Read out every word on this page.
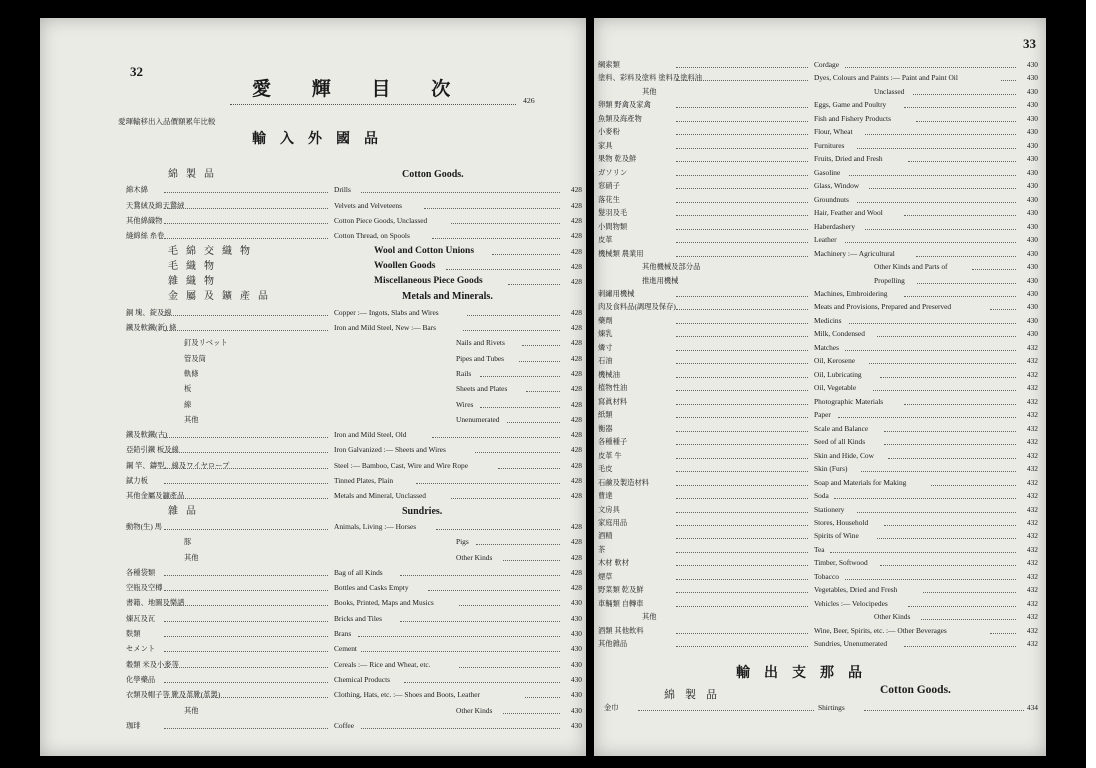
32
愛 輝 目 次
愛琿輸移出入品價額累年比較
426
輸入外國品
綿製品	Cotton Goods.
綿木綿	Drills	428
天鵞絨及綿天鵞絨	Velvets and Velveteens	428
其他綿織物	Cotton Piece Goods, Unclassed	428
縫綿絲 糸卷	Cotton Thread, on Spools	428
毛綿交織物	Wool and Cotton Unions	428
毛織物	Woollen Goods	428
雜織物	Miscellaneous Piece Goods	428
金屬及鑛產品	Metals and Minerals.
銅 塊、錠及線	Copper :— Ingots, Slabs and Wires	428
鐵及軟鐵(新) 條	Iron and Mild Steel, New :— Bars	428
釘及リベット	Nails and Rivets	428
管及筒	Pipes and Tubes	428
軌條	Rails	428
板	Sheets and Plates	428
線	Wires	428
其他	Unenumerated	428
鐵及軟鐵(古)	Iron and Mild Steel, Old	428
亞鉛引鐵 板及線	Iron Galvanized :— Sheets and Wires	428
鋼 竿、鑄型、線及ワイヤロープ	Steel :— Bamboo, Cast, Wire and Wire Rope	428
錻力板	Tinned Plates, Plain	428
其他金屬及鑛產品	Metals and Mineral, Unclassed	428
雜品	Sundries.
動物(生) 馬	Animals, Living :— Horses	428
豚	Pigs	428
其他	Other Kinds	428
各種袋類	Bag of all Kinds	428
空瓶及空樽	Bottles and Casks Empty	428
書籍、地圖及樂譜	Books, Printed, Maps and Musics	430
煉瓦及瓦	Bricks and Tiles	430
麩類	Brans	430
セメント	Cement	430
穀類 米及小麥等	Cereals :— Rice and Wheat, etc.	430
化學藥品	Chemical Products	430
衣類及帽子等 靴及革靴(革製)	Clothing, Hats, etc. :— Shoes and Boots, Leather	430
其他	Other Kinds	430
珈琲	Coffee	430
33
綱索類	Cordage	430
塗料、彩料及塗料 塗料及塗料油	Dyes, Colours and Paints :— Paint and Paint Oil	430
其他	Unclassed	430
卵類 野禽及家禽	Eggs, Game and Poultry	430
魚類及海產物	Fish and Fishery Products	430
小麥粉	Flour, Wheat	430
家具	Furnitures	430
果物 乾及鮮	Fruits, Dried and Fresh	430
ガソリン	Gasoline	430
窓硝子	Glass, Window	430
落花生	Groundnuts	430
髮羽及毛	Hair, Feather and Wool	430
小間物類	Haberdashery	430
皮革	Leather	430
機械類 農業用	Machinery :— Agricultural	430
其他機械及部分品	Other Kinds and Parts of	430
推進用機械	Propelling	430
刺繡用機械	Machines, Embroidering	430
肉及食料品(調理及保存)	Meats and Provisions, Prepared and Preserved	430
藥劑	Medicins	430
煉乳	Milk, Condensed	430
燐寸	Matches	432
石油	Oil, Kerosene	432
機械油	Oil, Lubricating	432
植物性油	Oil, Vegetable	432
寫眞材料	Photographic Materials	432
紙類	Paper	432
衡器	Scale and Balance	432
各種種子	Seed of all Kinds	432
皮革 牛	Skin and Hide, Cow	432
毛皮	Skin (Furs)	432
石鹼及製造材料	Soap and Materials for Making	432
曹達	Soda	432
文房具	Stationery	432
家庭用品	Stores, Household	432
酒精	Spirits of Wine	432
茶	Tea	432
木材 軟材	Timber, Softwood	432
煙草	Tobacco	432
野菜類 乾及鮮	Vegetables, Dried and Fresh	432
車輛類 自轉車	Vehicles :— Velocipedes	432
其他	Other Kinds	432
酒類 其他飲料	Wine, Beer, Spirits, etc. :— Other Beverages	432
其他雜品	Sundries, Unenumerated	432
輸出支那品
綿製品	Cotton Goods.
金巾	Shirtings	434
